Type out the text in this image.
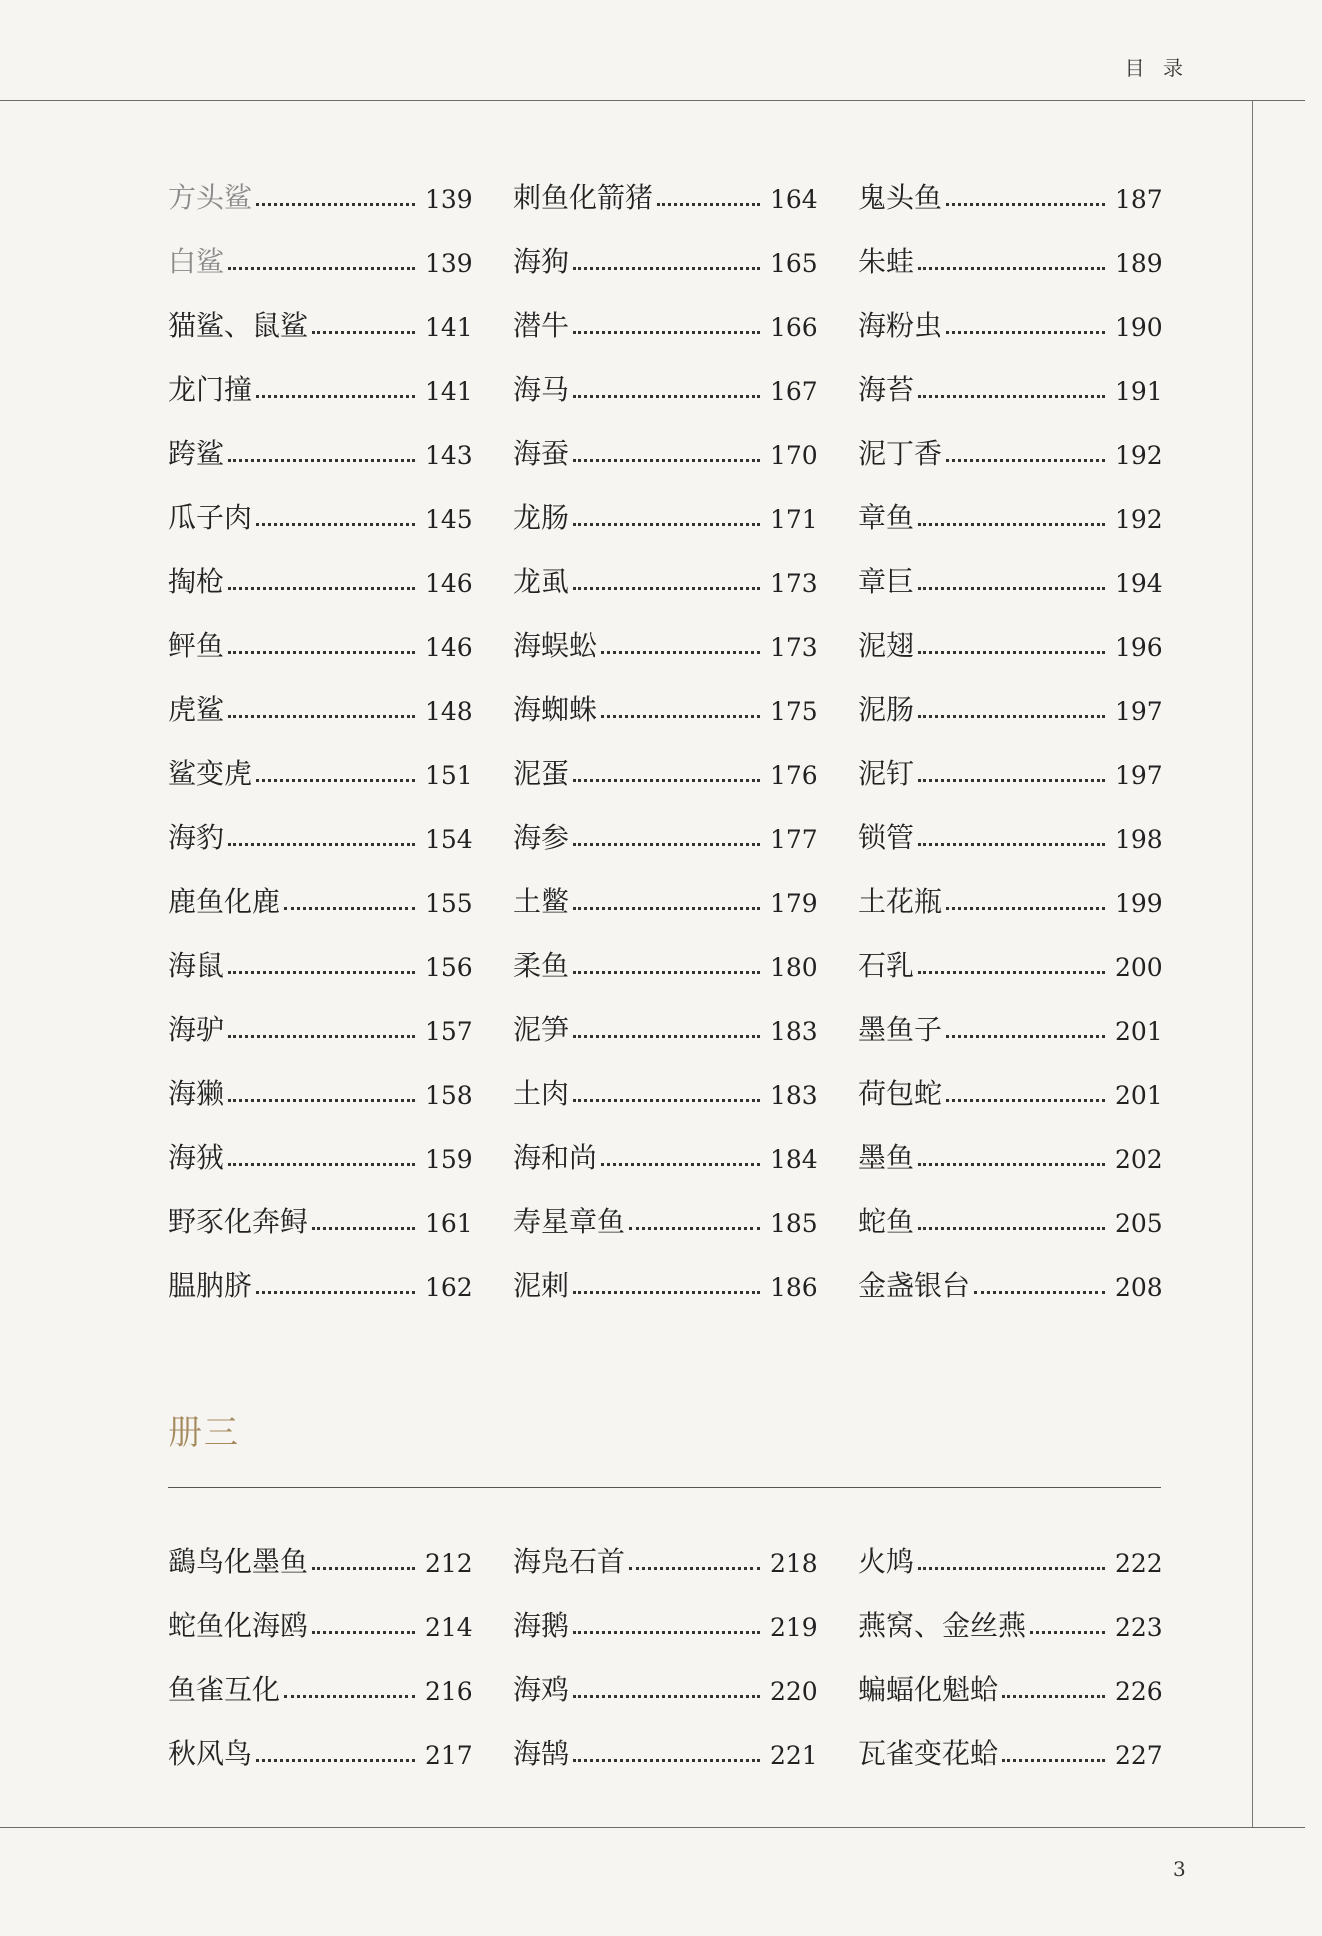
目 录
方头鲨	139
白鲨	139
猫鲨、鼠鲨	141
龙门撞	141
跨鲨	143
瓜子肉	145
掏枪	146
鲆鱼	146
虎鲨	148
鲨变虎	151
海豹	154
鹿鱼化鹿	155
海鼠	156
海驴	157
海獭	158
海狨	159
野豕化奔鲟	161
腽肭脐	162
刺鱼化箭猪	164
海狗	165
潜牛	166
海马	167
海蚕	170
龙肠	171
龙虱	173
海蜈蚣	173
海蜘蛛	175
泥蛋	176
海参	177
土鳖	179
柔鱼	180
泥笋	183
土肉	183
海和尚	184
寿星章鱼	185
泥刺	186
鬼头鱼	187
朱蛙	189
海粉虫	190
海苔	191
泥丁香	192
章鱼	192
章巨	194
泥翅	196
泥肠	197
泥钉	197
锁管	198
土花瓶	199
石乳	200
墨鱼子	201
荷包蛇	201
墨鱼	202
蛇鱼	205
金盏银台	208
册三
鷂鸟化墨鱼	212
蛇鱼化海鸥	214
鱼雀互化	216
秋风鸟	217
海凫石首	218
海鹅	219
海鸡	220
海鹄	221
火鸠	222
燕窝、金丝燕	223
蝙蝠化魁蛤	226
瓦雀变花蛤	227
3
